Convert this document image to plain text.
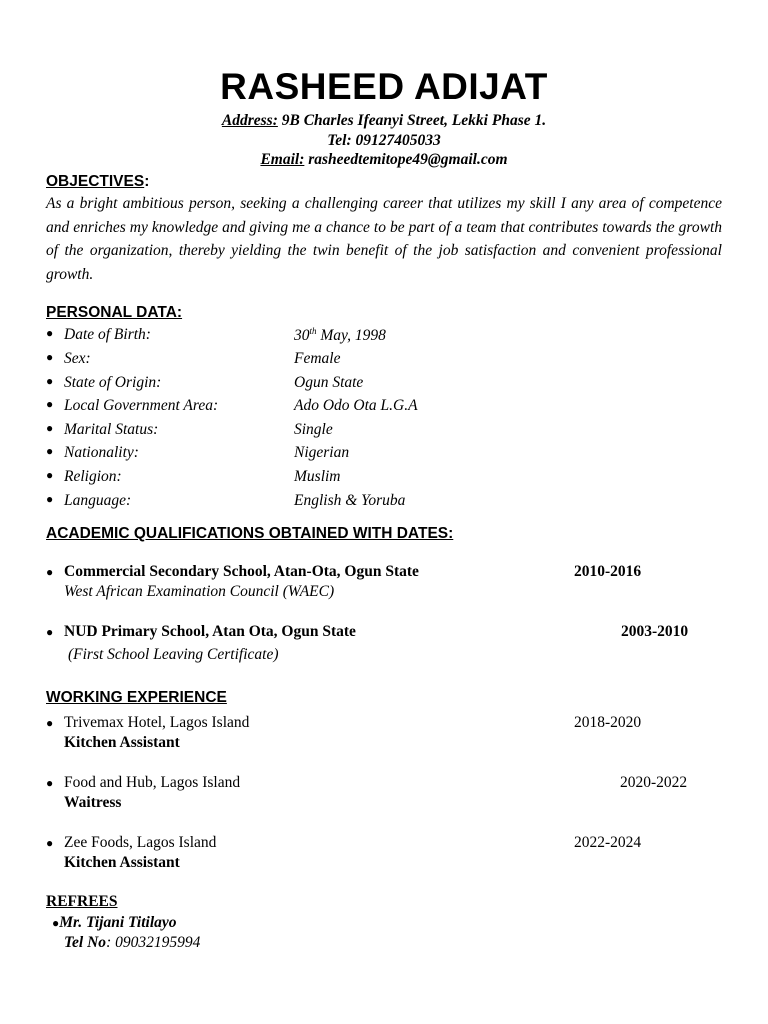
RASHEED ADIJAT
Address: 9B Charles Ifeanyi Street, Lekki Phase 1.
Tel: 09127405033
Email: rasheedtemitope49@gmail.com
OBJECTIVES:
As a bright ambitious person, seeking a challenging career that utilizes my skill I any area of competence and enriches my knowledge and giving me a chance to be part of a team that contributes towards the growth of the organization, thereby yielding the twin benefit of the job satisfaction and convenient professional growth.
PERSONAL DATA:
● Date of Birth:	30th May, 1998
● Sex:	Female
● State of Origin:	Ogun State
● Local Government Area:	Ado Odo Ota L.G.A
● Marital Status:	Single
● Nationality:	Nigerian
● Religion:	Muslim
● Language:	English & Yoruba
ACADEMIC QUALIFICATIONS OBTAINED WITH DATES:
● Commercial Secondary School, Atan-Ota, Ogun State	2010-2016
West African Examination Council (WAEC)
● NUD Primary School, Atan Ota, Ogun State	2003-2010
(First School Leaving Certificate)
WORKING EXPERIENCE
● Trivemax Hotel, Lagos Island	2018-2020
Kitchen Assistant
● Food and Hub, Lagos Island	2020-2022
Waitress
● Zee Foods, Lagos Island	2022-2024
Kitchen Assistant
REFREES
●Mr. Tijani Titilayo
Tel No: 09032195994
